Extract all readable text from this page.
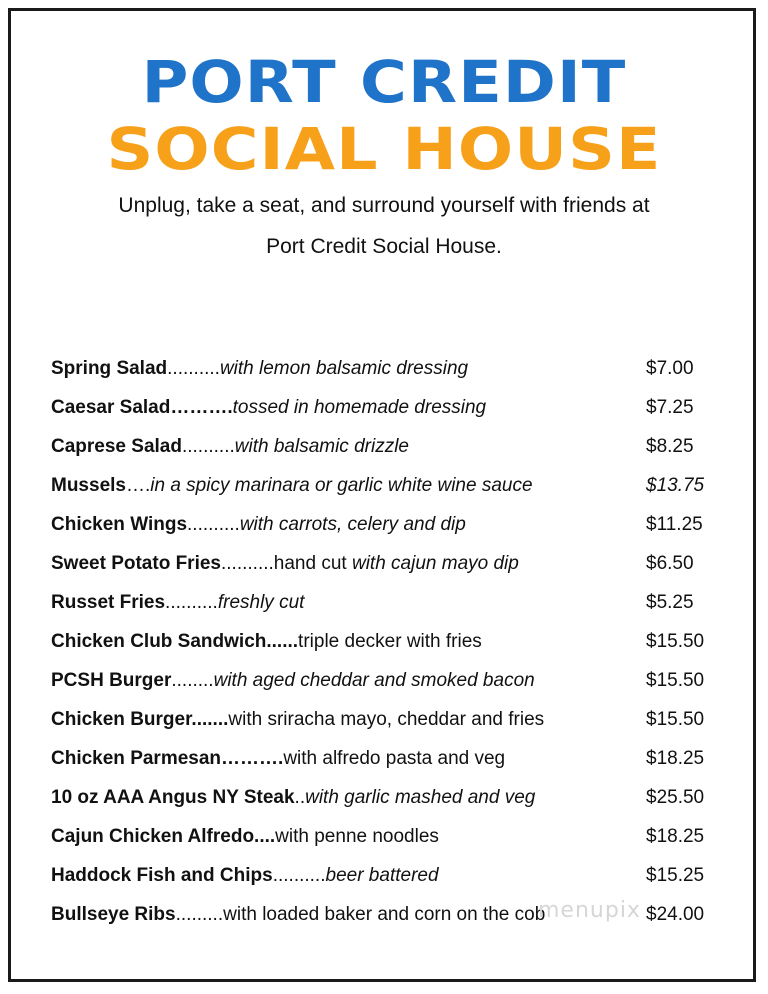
PORT CREDIT
SOCIAL HOUSE
Unplug, take a seat, and surround yourself with friends at
Port Credit Social House.
Spring Salad..........with lemon balsamic dressing	$7.00
Caesar Salad……….tossed in homemade dressing	$7.25
Caprese Salad..........with balsamic drizzle	$8.25
Mussels….in a spicy marinara or garlic white wine sauce	$13.75
Chicken Wings..........with carrots, celery and dip	$11.25
Sweet Potato Fries..........hand cut with cajun mayo dip	$6.50
Russet Fries..........freshly cut	$5.25
Chicken Club Sandwich......triple decker with fries	$15.50
PCSH Burger........with aged cheddar and smoked bacon	$15.50
Chicken Burger.......with sriracha mayo, cheddar and fries	$15.50
Chicken Parmesan……….with alfredo pasta and veg	$18.25
10 oz AAA Angus NY Steak..with garlic mashed and veg	$25.50
Cajun Chicken Alfredo....with penne noodles	$18.25
Haddock Fish and Chips..........beer battered	$15.25
Bullseye Ribs.........with loaded baker and corn on the cob	$24.00
menupix
